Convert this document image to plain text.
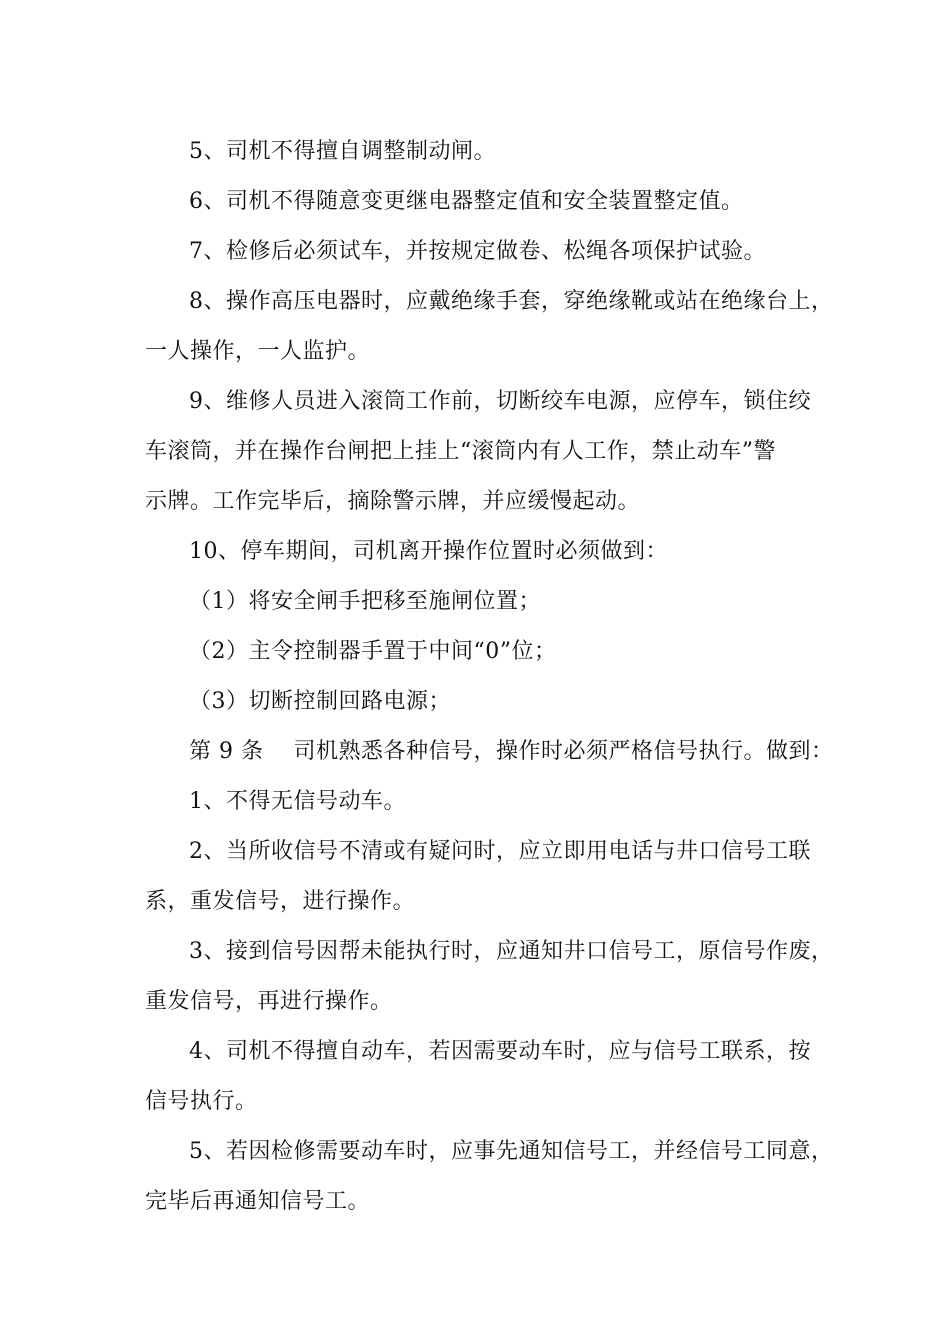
5、司机不得擅自调整制动闸。
6、司机不得随意变更继电器整定值和安全装置整定值。
7、检修后必须试车，并按规定做卷、松绳各项保护试验。
8、操作高压电器时，应戴绝缘手套，穿绝缘靴或站在绝缘台上，
一人操作，一人监护。
9、维修人员进入滚筒工作前，切断绞车电源，应停车，锁住绞
车滚筒，并在操作台闸把上挂上“滚筒内有人工作，禁止动车”警
示牌。工作完毕后，摘除警示牌，并应缓慢起动。
10、停车期间，司机离开操作位置时必须做到：
（1）将安全闸手把移至施闸位置；
（2）主令控制器手置于中间“0”位；
（3）切断控制回路电源；
第 9 条　 司机熟悉各种信号，操作时必须严格信号执行。做到：
1、不得无信号动车。
2、当所收信号不清或有疑问时，应立即用电话与井口信号工联
系，重发信号，进行操作。
3、接到信号因帮未能执行时，应通知井口信号工，原信号作废，
重发信号，再进行操作。
4、司机不得擅自动车，若因需要动车时，应与信号工联系，按
信号执行。
5、若因检修需要动车时，应事先通知信号工，并经信号工同意，
完毕后再通知信号工。
